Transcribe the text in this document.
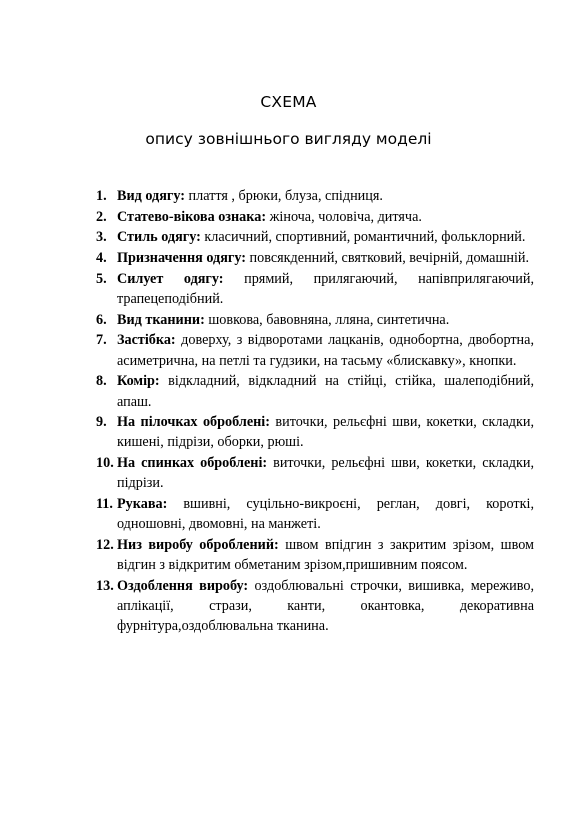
СХЕМА
опису зовнішнього вигляду моделі
1. Вид одягу: плаття , брюки, блуза, спідниця.
2. Статево-вікова ознака: жіноча, чоловіча, дитяча.
3. Стиль одягу: класичний, спортивний, романтичний, фольклорний.
4. Призначення одягу: повсякденний, святковий, вечірній, домашній.
5. Силует одягу: прямий, прилягаючий, напівприлягаючий, трапецеподібний.
6. Вид тканини: шовкова, бавовняна, лляна, синтетична.
7. Застібка: доверху, з відворотами лацканів, однобортна, двобортна, асиметрична, на петлі та гудзики, на тасьму «блискавку», кнопки.
8. Комір: відкладний, відкладний на стійці, стійка, шалеподібний, апаш.
9. На пілочках оброблені: виточки, рельєфні шви, кокетки, складки, кишені, підрізи, оборки, рюші.
10. На спинках оброблені: виточки, рельєфні шви, кокетки, складки, підрізи.
11. Рукава: вшивні, суцільно-викроєні, реглан, довгі, короткі, одношовні, двомовні, на манжеті.
12. Низ виробу оброблений: швом впідгин з закритим зрізом, швом відгин з відкритим обметаним зрізом,пришивним поясом.
13. Оздоблення виробу: оздоблювальні строчки, вишивка, мереживо, аплікації, стрази, канти, окантовка, декоративна фурнітура,оздоблювальна тканина.
